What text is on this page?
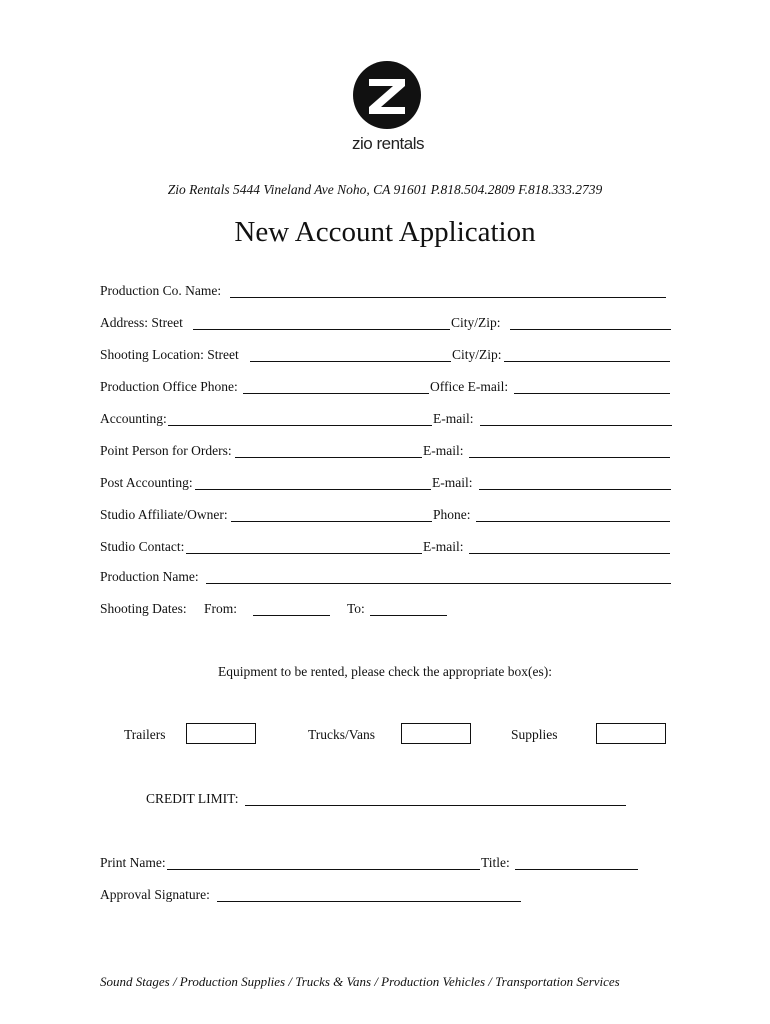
zio rentals
Zio Rentals 5444 Vineland Ave Noho, CA 91601 P.818.504.2809 F.818.333.2739
New Account Application
Production Co. Name:
Address: Street	City/Zip:
Shooting Location: Street	City/Zip:
Production Office Phone:	Office E-mail:
Accounting:	E-mail:
Point Person for Orders:	E-mail:
Post Accounting:	E-mail:
Studio Affiliate/Owner:	Phone:
Studio Contact:	E-mail:
Production Name:
Shooting Dates: From:	To:
Equipment to be rented, please check the appropriate box(es):
Trailers	Trucks/Vans	Supplies
CREDIT LIMIT:
Print Name:	Title:
Approval Signature:
Sound Stages / Production Supplies / Trucks & Vans / Production Vehicles / Transportation Services
